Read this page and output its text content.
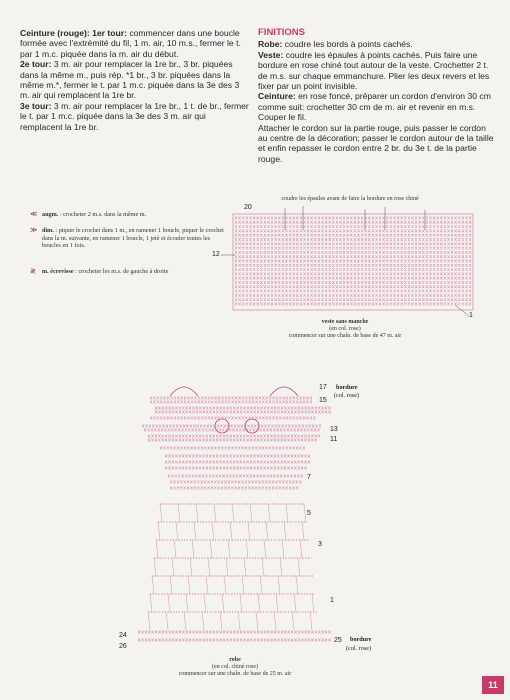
Ceinture (rouge): 1er tour: commencer dans une boucle formée avec l'extrémité du fil, 1 m. air, 10 m.s., fermer le t. par 1 m.c. piquée dans la m. air du début.

2e tour: 3 m. air pour remplacer la 1re br., 3 br. piquées dans la même m., puis rép. *1 br., 3 br. piquées dans la même m.*, fermer le t. par 1 m.c. piquée dans la 3e des 3 m. air qui remplacent la 1re br.

3e tour: 3 m. air pour remplacer la 1re br., 1 t. de br., fermer le t. par 1 m.c. piquée dans la 3e des 3 m. air qui remplacent la 1re br.

FINITIONS

Robe: coudre les bords à points cachés.

Veste: coudre les épaules à points cachés. Puis faire une bordure en rose chiné tout autour de la veste. Crochetter 2 t. de m.s. sur chaque emmanchure. Plier les deux revers et les fixer par un point invisible.

Ceinture: en rose foncé, préparer un cordon d'environ 30 cm comme suit: crochetter 30 cm de m. air et revenir en m.s. Couper le fil.

Attacher le cordon sur la partie rouge, puis passer le cordon au centre de la décoration; passer le cordon autour de la taille et enfin repasser le cordon entre 2 br. du 3e t. de la partie rouge.

≪ augm. : crocheter 2 m.s. dans la même m.
≫ dim. : piquer le crochet dans 1 m., en ramener 1 boucle, piquer le crochet dans la m. suivante, en ramener 1 boucle, 1 jeté et écouler toutes les boucles en 1 fois.
≷ m. écrevisse : crocheter les m.s. de gauche à droite
coudre les épaules avant de faire la bordure en rose chiné
20
12
1
veste sans manche
(en col. rose)
commencer sur une chaîn. de base de 47 m. air
17
15
bordure
(col. rose)
13
11
7
5
3
1
24
26
25 bordure
(col. rose)
robe
(en col. chiné rose)
commencer sur une chaîn. de base de 25 m. air
11
